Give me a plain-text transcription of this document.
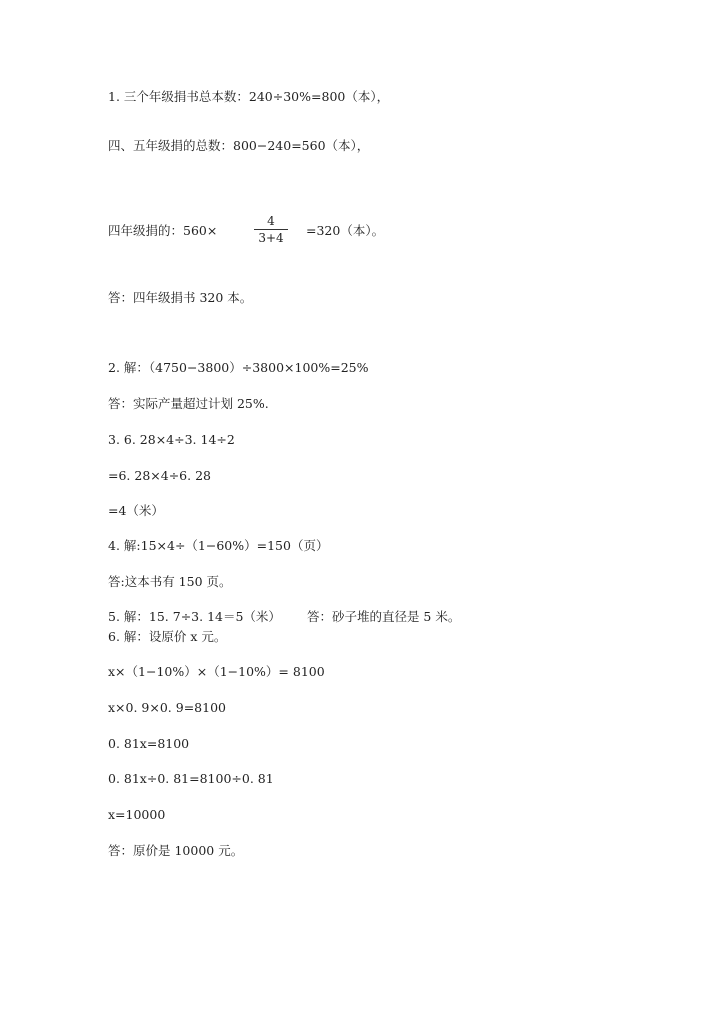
1. 三个年级捐书总本数：240÷30%=800（本），
四、五年级捐的总数：800−240=560（本），
四年级捐的：560×
4
3+4	=320（本）。
答：四年级捐书 320 本。
2. 解：（4750−3800）÷3800×100%=25%
答：实际产量超过计划 25%.
3. 6. 28×4÷3. 14÷2
=6. 28×4÷6. 28
=4（米）
4. 解:15×4÷（1−60%）=150（页）
答:这本书有 150 页。
5. 解：15. 7÷3. 14＝5（米） 答：砂子堆的直径是 5 米。
6. 解：设原价 x 元。
x×（1−10%）×（1−10%）= 8100
x×0. 9×0. 9=8100
0. 81x=8100
0. 81x÷0. 81=8100÷0. 81
x=10000
答：原价是 10000 元。
